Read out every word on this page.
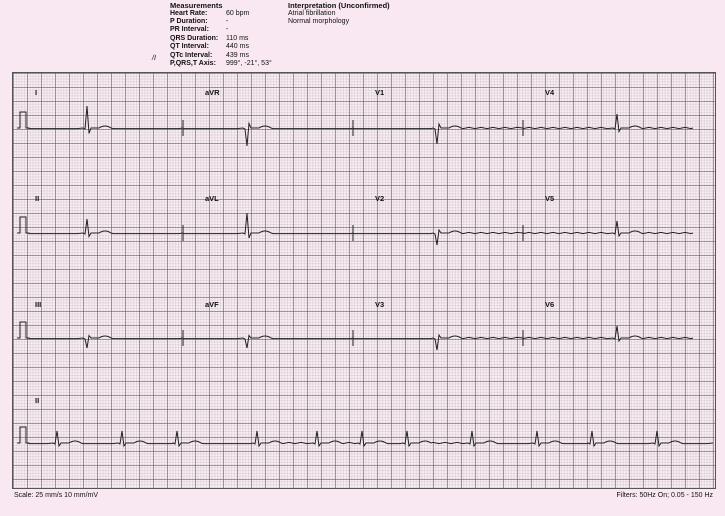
Measurements
Heart Rate:	60 bpm
P Duration:	-
PR Interval: -
QRS Duration: 110 ms
QT Interval: 440 ms
QTc Interval: 439 ms
P,QRS,T Axis: 999°, -21°, 53°
Interpretation (Unconfirmed)
Atrial fibrillation
Normal morphology
/I
I	aVR	V1	V4
II	aVL	V2	V5
III	aVF	V3	V6
II
Scale: 25 mm/s 10 mm/mV	Filters: 50Hz On; 0.05 - 150 Hz
